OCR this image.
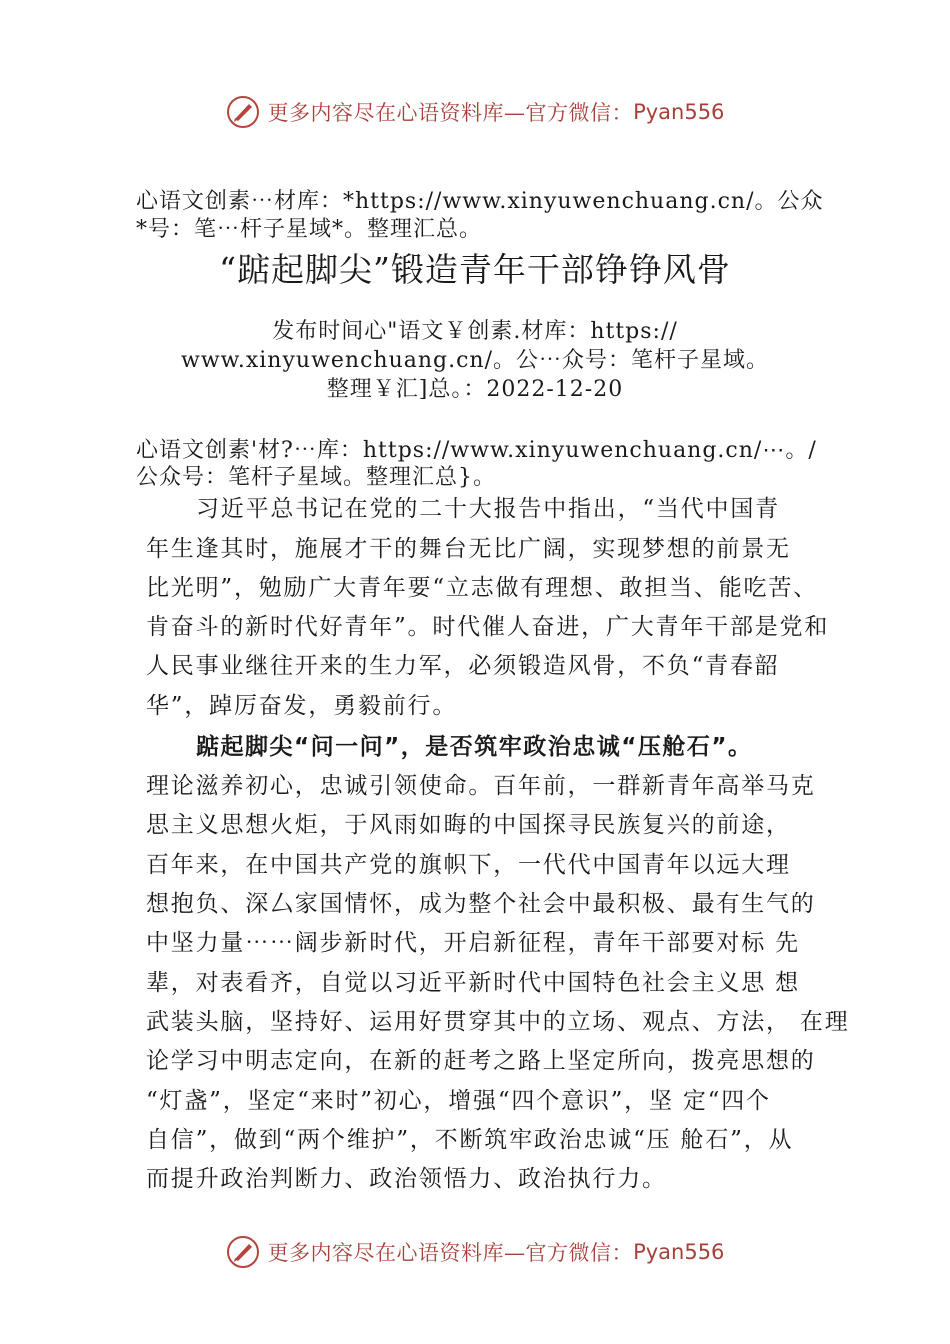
更多内容尽在心语资料库—官方微信： Pyan556
心语文创素⋯材库：*https://www.xinyuwenchuang.cn/。公众
*号：笔⋯杆子星域*。整理汇总。
“踮起脚尖”锻造青年干部铮铮风骨
发布时间心"语文￥创素.材库：https://
www.xinyuwenchuang.cn/。公⋯众号：笔杆子星域。
整理￥汇]总。：2022-12-20
心语文创素'材?⋯库：https://www.xinyuwenchuang.cn/⋯。/
公众号：笔杆子星域。整理汇总}。
习近平总书记在党的二十大报告中指出，“当代中国青
年生逢其时，施展才干的舞台无比广阔，实现梦想的前景无
比光明”，勉励广大青年要“立志做有理想、敢担当、能吃苦、
肯奋斗的新时代好青年”。时代催人奋进，广大青年干部是党和
人民事业继往开来的生力军，必须锻造风骨，不负“青春韶
华”，踔厉奋发，勇毅前行。
踮起脚尖“问一问”，是否筑牢政治忠诚“压舱石”。
理论滋养初心，忠诚引领使命。百年前，一群新青年高举马克
思主义思想火炬，于风雨如晦的中国探寻民族复兴的前途，
百年来，在中国共产党的旗帜下，一代代中国青年以远大理
想抱负、深厶家国情怀，成为整个社会中最积极、最有生气的
中坚力量⋯⋯阔步新时代，开启新征程，青年干部要对标 先
辈，对表看齐，自觉以习近平新时代中国特色社会主义思 想
武装头脑，坚持好、运用好贯穿其中的立场、观点、方法， 在理
论学习中明志定向，在新的赶考之路上坚定所向，拨亮思想的
“灯盏”，坚定“来时”初心，增强“四个意识”，坚 定“四个
自信”，做到“两个维护”，不断筑牢政治忠诚“压 舱石”，从
而提升政治判断力、政治领悟力、政治执行力。
更多内容尽在心语资料库—官方微信： Pyan556
